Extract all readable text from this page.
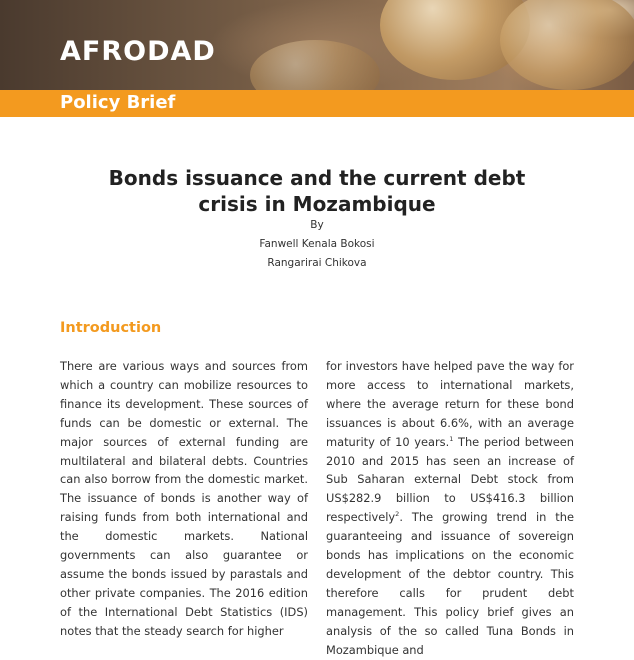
AFRODAD
Policy Brief
Bonds issuance and the current debt
crisis in Mozambique
By
Fanwell Kenala Bokosi
Rangarirai Chikova
Introduction
There are various ways and sources from which a country can mobilize resources to finance its development. These sources of funds can be domestic or external. The major sources of external funding are multilateral and bilateral debts. Countries can also borrow from the domestic market. The issuance of bonds is another way of raising funds from both international and the domestic markets. National governments can also guarantee or assume the bonds issued by parastals and other private companies. The 2016 edition of the International Debt Statistics (IDS) notes that the steady search for higher
for investors have helped pave the way for more access to international markets, where the average return for these bond issuances is about 6.6%, with an average maturity of 10 years.$^1$ The period between 2010 and 2015 has seen an increase of Sub Saharan external Debt stock from US$282.9 billion to US$416.3 billion respectively$^2$. The growing trend in the guaranteeing and issuance of sovereign bonds has implications on the economic development of the debtor country. This therefore calls for prudent debt management. This policy brief gives an analysis of the so called Tuna Bonds in Mozambique and
